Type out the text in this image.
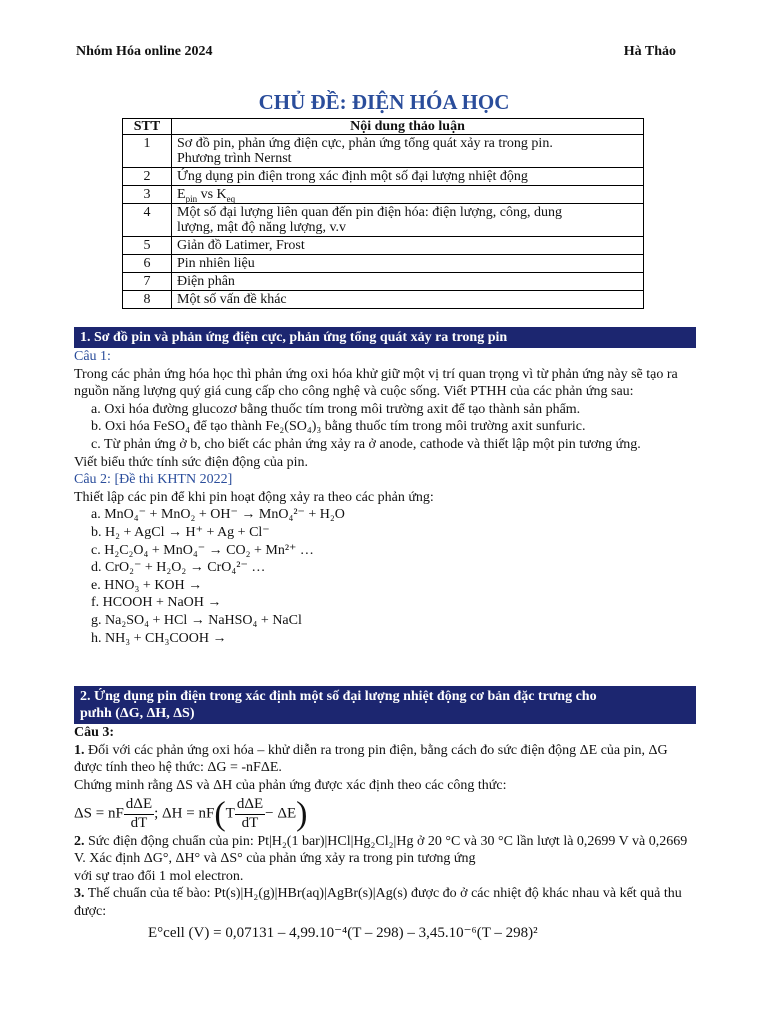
Nhóm Hóa online 2024	Hà Thảo
CHỦ ĐỀ: ĐIỆN HÓA HỌC
STT	Nội dung thảo luận
1	Sơ đồ pin, phản ứng điện cực, phản ứng tổng quát xảy ra trong pin.
Phương trình Nernst
2	Ứng dụng pin điện trong xác định một số đại lượng nhiệt động
3	$E_{pin}$ vs $K_{eq}$
4	Một số đại lượng liên quan đến pin điện hóa: điện lượng, công, dung
lượng, mật độ năng lượng, v.v
5	Giản đồ Latimer, Frost
6	Pin nhiên liệu
7	Điện phân
8	Một số vấn đề khác
1. Sơ đồ pin và phản ứng điện cực, phản ứng tổng quát xảy ra trong pin
Câu 1:
Trong các phản ứng hóa học thì phản ứng oxi hóa khử giữ một vị trí quan trọng vì từ phản ứng này sẽ tạo ra nguồn năng lượng quý giá cung cấp cho công nghệ và cuộc sống. Viết PTHH của các phản ứng sau:
a. Oxi hóa đường glucozơ bằng thuốc tím trong môi trường axit để tạo thành sản phẩm.
b. Oxi hóa FeSO₄ để tạo thành Fe₂(SO₄)₃ bằng thuốc tím trong môi trường axit sunfuric.
c. Từ phản ứng ở b, cho biết các phản ứng xảy ra ở anode, cathode và thiết lập một pin tương ứng.
Viết biểu thức tính sức điện động của pin.
Câu 2: [Đề thi KHTN 2022]
Thiết lập các pin để khi pin hoạt động xảy ra theo các phản ứng:
a. MnO₄⁻ + MnO₂ + OH⁻ → MnO₄²⁻ + H₂O
b. H₂ + AgCl → H⁺ + Ag + Cl⁻
c. H₂C₂O₄ + MnO₄⁻ → CO₂ + Mn²⁺ …
d. CrO₂⁻ + H₂O₂ → CrO₄²⁻ …
e. HNO₃ + KOH →
f. HCOOH + NaOH →
g. Na₂SO₄ + HCl → NaHSO₄ + NaCl
h. NH₃ + CH₃COOH →
2. Ứng dụng pin điện trong xác định một số đại lượng nhiệt động cơ bản đặc trưng cho
pưhh (ΔG, ΔH, ΔS)
Câu 3:
1. Đối với các phản ứng oxi hóa – khử diễn ra trong pin điện, bằng cách đo sức điện động ΔE của pin, ΔG được tính theo hệ thức: ΔG = -nFΔE.
Chứng minh rằng ΔS và ΔH của phản ứng được xác định theo các công thức:
ΔS = nF $\frac{\text{dΔE}}{dT}$ ; $\Delta H = nF(T \frac{\text{dΔE}}{dT} - \Delta E)$
2. Sức điện động chuẩn của pin: Pt|H₂(1 bar)|HCl|Hg₂Cl₂|Hg ở 20 °C và 30 °C lần lượt là 0,2699 V và 0,2669 V. Xác định ΔG°, ΔH° và ΔS° của phản ứng xảy ra trong pin tương ứng
với sự trao đổi 1 mol electron.
3. Thế chuẩn của tế bào: Pt(s)|H₂(g)|HBr(aq)|AgBr(s)|Ag(s) được đo ở các nhiệt độ khác nhau và kết quả thu được:
E°cell (V) = 0,07131 – 4,99.10⁻⁴(T – 298) – 3,45.10⁻⁶(T – 298)²
